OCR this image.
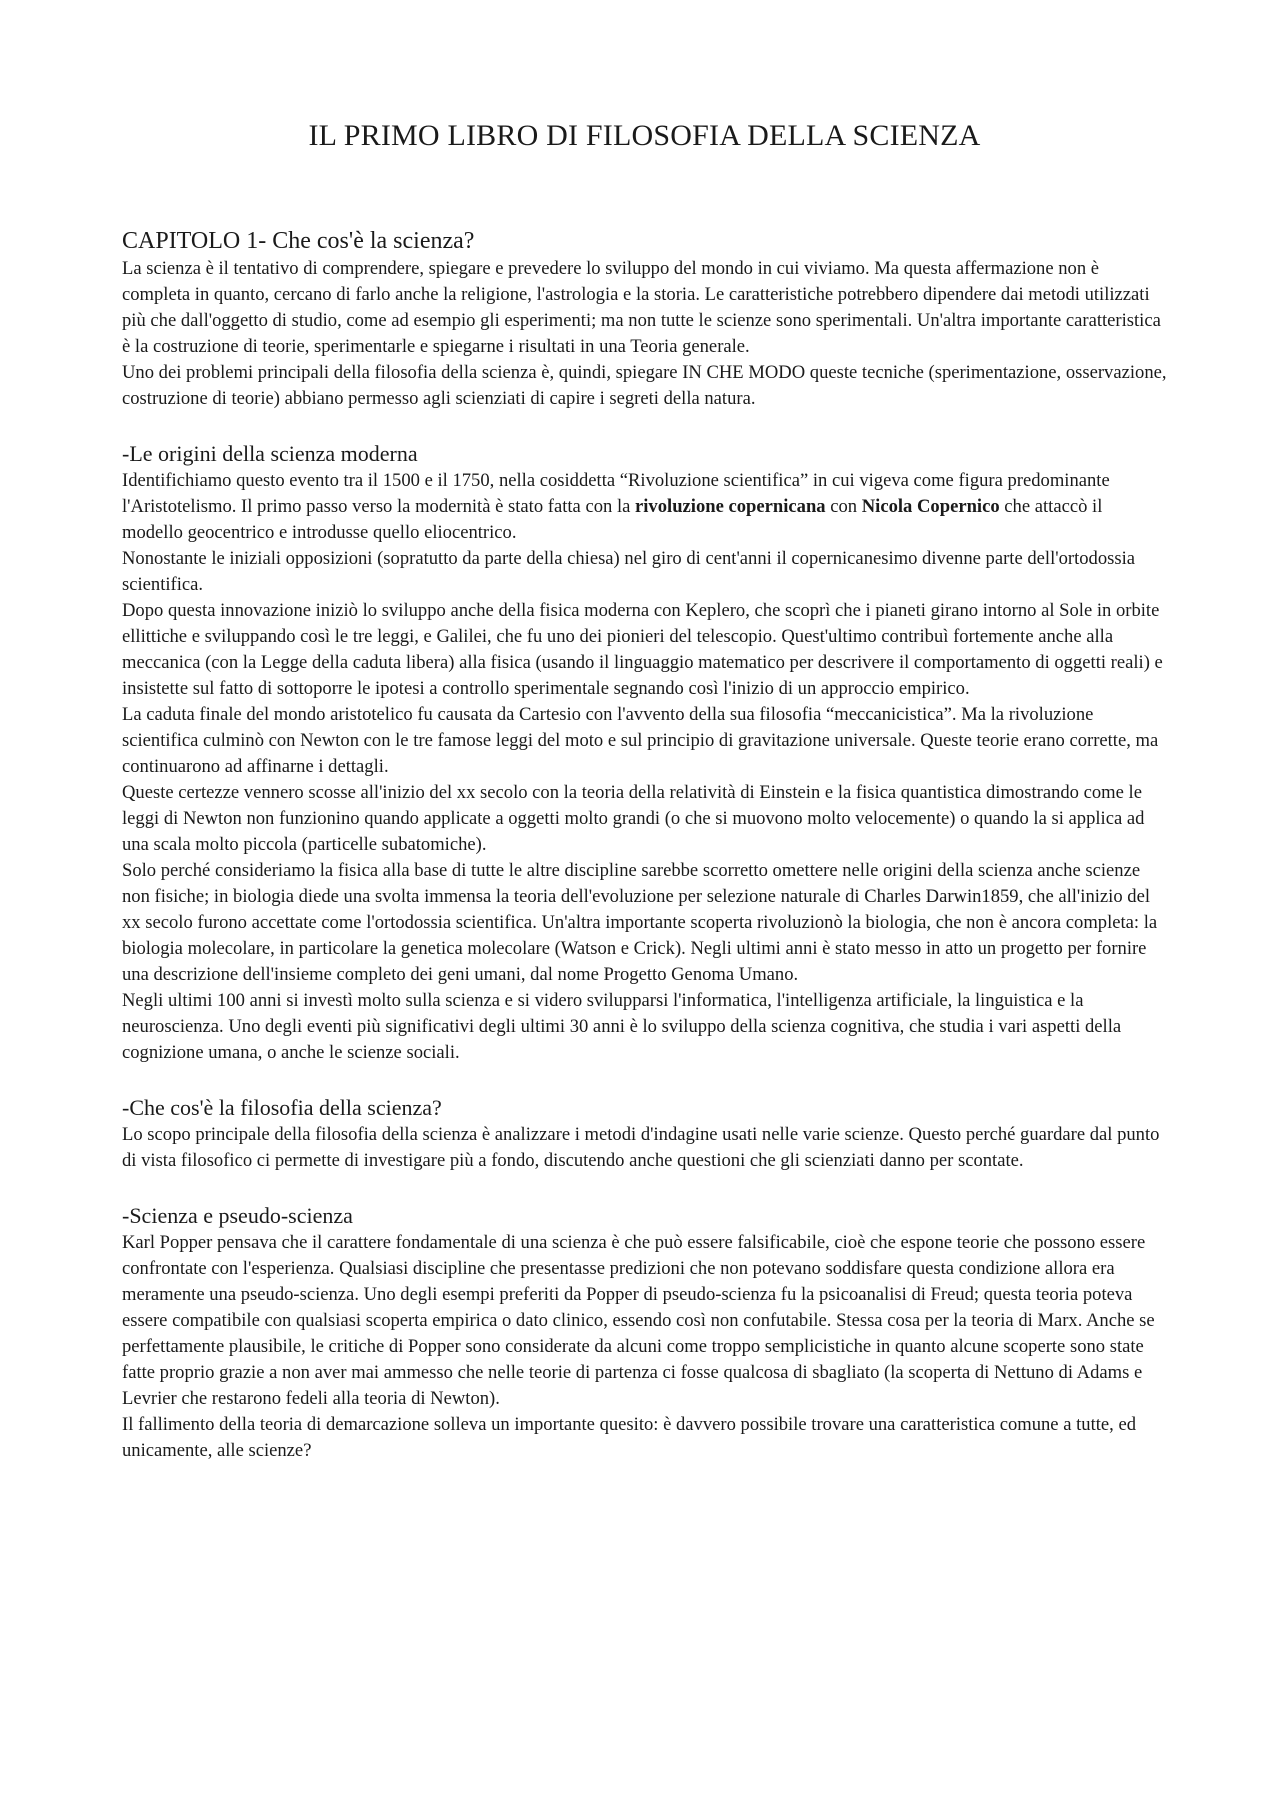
IL PRIMO LIBRO DI FILOSOFIA DELLA SCIENZA
CAPITOLO 1- Che cos'è la scienza?

La scienza è il tentativo di comprendere, spiegare e prevedere lo sviluppo del mondo in cui viviamo. Ma questa affermazione non è completa in quanto, cercano di farlo anche la religione, l'astrologia e la storia. Le caratteristiche potrebbero dipendere dai metodi utilizzati più che dall'oggetto di studio, come ad esempio gli esperimenti; ma non tutte le scienze sono sperimentali. Un'altra importante caratteristica è la costruzione di teorie, sperimentarle e spiegarne i risultati in una Teoria generale.

Uno dei problemi principali della filosofia della scienza è, quindi, spiegare IN CHE MODO queste tecniche (sperimentazione, osservazione, costruzione di teorie) abbiano permesso agli scienziati di capire i segreti della natura.

-Le origini della scienza moderna

Identifichiamo questo evento tra il 1500 e il 1750, nella cosiddetta “Rivoluzione scientifica” in cui vigeva come figura predominante l'Aristotelismo. Il primo passo verso la modernità è stato fatta con la rivoluzione copernicana con Nicola Copernico che attaccò il modello geocentrico e introdusse quello eliocentrico.

Nonostante le iniziali opposizioni (sopratutto da parte della chiesa) nel giro di cent'anni il copernicanesimo divenne parte dell'ortodossia scientifica.

Dopo questa innovazione iniziò lo sviluppo anche della fisica moderna con Keplero, che scoprì che i pianeti girano intorno al Sole in orbite ellittiche e sviluppando così le tre leggi, e Galilei, che fu uno dei pionieri del telescopio. Quest'ultimo contribuì fortemente anche alla meccanica (con la Legge della caduta libera) alla fisica (usando il linguaggio matematico per descrivere il comportamento di oggetti reali) e insistette sul fatto di sottoporre le ipotesi a controllo sperimentale segnando così l'inizio di un approccio empirico.

La caduta finale del mondo aristotelico fu causata da Cartesio con l'avvento della sua filosofia “meccanicistica”. Ma la rivoluzione scientifica culminò con Newton con le tre famose leggi del moto e sul principio di gravitazione universale. Queste teorie erano corrette, ma continuarono ad affinarne i dettagli.

Queste certezze vennero scosse all'inizio del xx secolo con la teoria della relatività di Einstein e la fisica quantistica dimostrando come le leggi di Newton non funzionino quando applicate a oggetti molto grandi (o che si muovono molto velocemente) o quando la si applica ad una scala molto piccola (particelle subatomiche).

Solo perché consideriamo la fisica alla base di tutte le altre discipline sarebbe scorretto omettere nelle origini della scienza anche scienze non fisiche; in biologia diede una svolta immensa la teoria dell'evoluzione per selezione naturale di Charles Darwin1859, che all'inizio del xx secolo furono accettate come l'ortodossia scientifica. Un'altra importante scoperta rivoluzionò la biologia, che non è ancora completa: la biologia molecolare, in particolare la genetica molecolare (Watson e Crick). Negli ultimi anni è stato messo in atto un progetto per fornire una descrizione dell'insieme completo dei geni umani, dal nome Progetto Genoma Umano.

Negli ultimi 100 anni si investì molto sulla scienza e si videro svilupparsi l'informatica, l'intelligenza artificiale, la linguistica e la neuroscienza. Uno degli eventi più significativi degli ultimi 30 anni è lo sviluppo della scienza cognitiva, che studia i vari aspetti della cognizione umana, o anche le scienze sociali.

-Che cos'è la filosofia della scienza?

Lo scopo principale della filosofia della scienza è analizzare i metodi d'indagine usati nelle varie scienze. Questo perché guardare dal punto di vista filosofico ci permette di investigare più a fondo, discutendo anche questioni che gli scienziati danno per scontate.

-Scienza e pseudo-scienza

Karl Popper pensava che il carattere fondamentale di una scienza è che può essere falsificabile, cioè che espone teorie che possono essere confrontate con l'esperienza. Qualsiasi discipline che presentasse predizioni che non potevano soddisfare questa condizione allora era meramente una pseudo-scienza. Uno degli esempi preferiti da Popper di pseudo-scienza fu la psicoanalisi di Freud; questa teoria poteva essere compatibile con qualsiasi scoperta empirica o dato clinico, essendo così non confutabile. Stessa cosa per la teoria di Marx. Anche se perfettamente plausibile, le critiche di Popper sono considerate da alcuni come troppo semplicistiche in quanto alcune scoperte sono state fatte proprio grazie a non aver mai ammesso che nelle teorie di partenza ci fosse qualcosa di sbagliato (la scoperta di Nettuno di Adams e Levrier che restarono fedeli alla teoria di Newton).

Il fallimento della teoria di demarcazione solleva un importante quesito: è davvero possibile trovare una caratteristica comune a tutte, ed unicamente, alle scienze?
